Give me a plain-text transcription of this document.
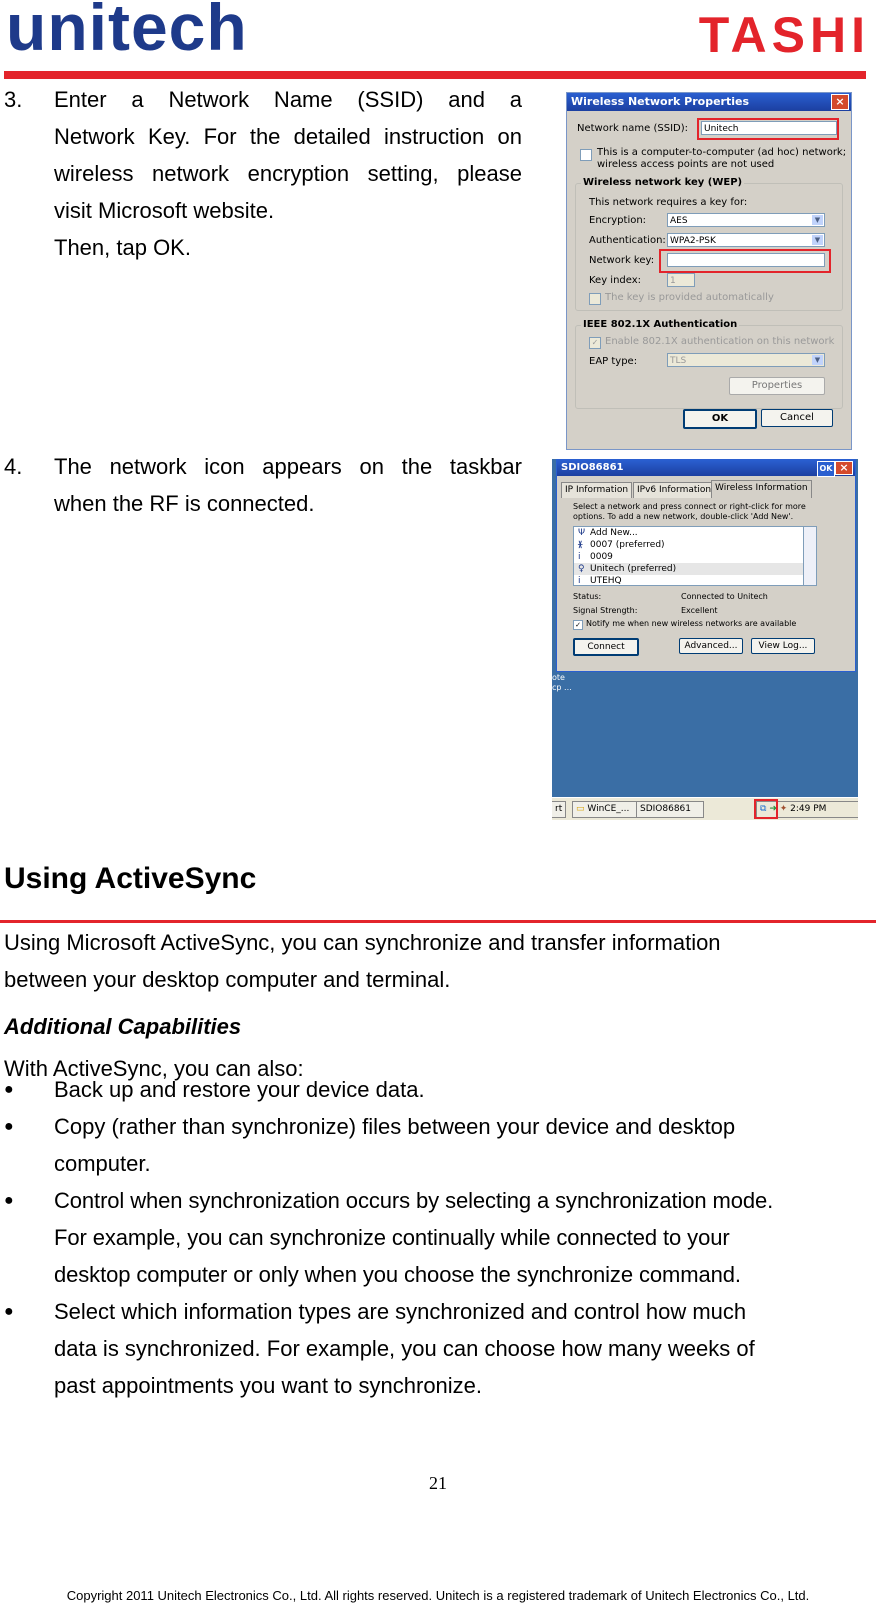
unitech	TASHI
3. Enter a Network Name (SSID) and a
Network Key. For the detailed instruction on
wireless network encryption setting, please
visit Microsoft website.
Then, tap OK.
Wireless Network Properties	×
Network name (SSID):	Unitech
This is a computer-to-computer (ad hoc) network;
wireless access points are not used
Wireless network key (WEP)
This network requires a key for:
Encryption:	AES	▼
Authentication: WPA2-PSK	▼
Network key:
Key index:	1
The key is provided automatically
IEEE 802.1X Authentication
✓ Enable 802.1X authentication on this network
EAP type:	TLS	▼
Properties
OK	Cancel
4. The network icon appears on the taskbar
when the RF is connected.
SDIO86861	OK ×
IP Information IPv6 Information Wireless Information
Select a network and press connect or right-click for more
options. To add a new network, double-click 'Add New'.
Ψ Add New...
ᚕ 0007 (preferred)
i 0009
♀ Unitech (preferred)
i UTEHQ
Status:	Connected to Unitech
Signal Strength:	Excellent
✓ Notify me when new wireless networks are available
Connect	Advanced...	View Log...
ote
cp ...
rt	▭ WinCE_...	SDIO86861	⧉ ➜ ✦ 2:49 PM
Using ActiveSync
Using Microsoft ActiveSync, you can synchronize and transfer information
between your desktop computer and terminal.
Additional Capabilities
With ActiveSync, you can also:
● Back up and restore your device data.
● Copy (rather than synchronize) files between your device and desktop
computer.
● Control when synchronization occurs by selecting a synchronization mode.
For example, you can synchronize continually while connected to your
desktop computer or only when you choose the synchronize command.
● Select which information types are synchronized and control how much
data is synchronized. For example, you can choose how many weeks of
past appointments you want to synchronize.
21
Copyright 2011 Unitech Electronics Co., Ltd. All rights reserved. Unitech is a registered trademark of Unitech Electronics Co., Ltd.
